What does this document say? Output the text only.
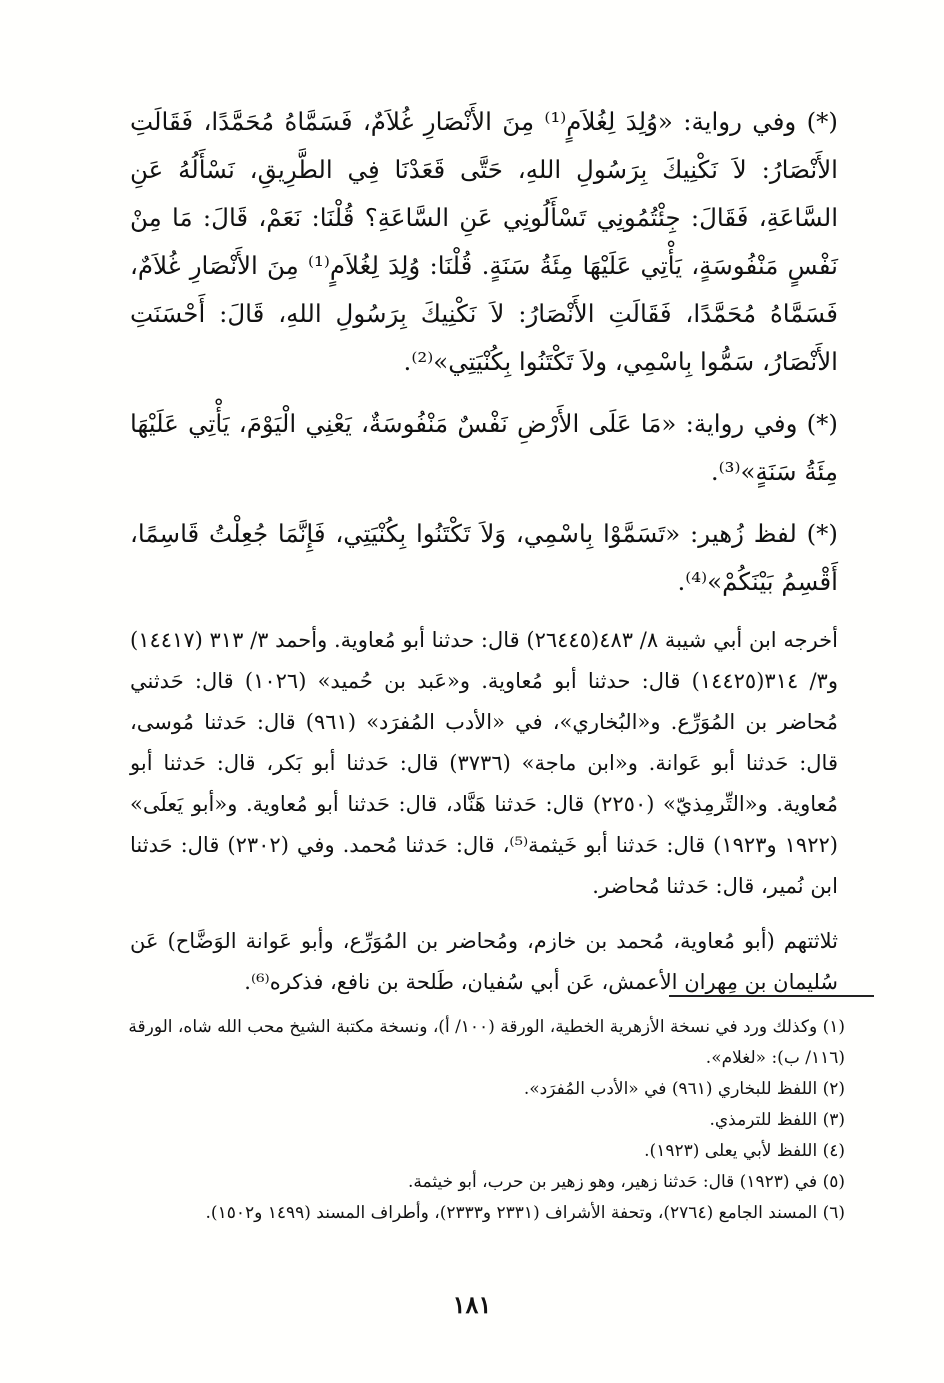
(*) وفي رواية: «وُلِدَ لِغُلاَمٍ⁽¹⁾ مِنَ الأَنْصَارِ غُلاَمٌ، فَسَمَّاهُ مُحَمَّدًا، فَقَالَتِ الأَنْصَارُ: لاَ نَكْنِيكَ بِرَسُولِ اللهِ، حَتَّى قَعَدْنَا فِي الطَّرِيقِ، نَسْأَلُهُ عَنِ السَّاعَةِ، فَقَالَ: جِئْتُمُونِي تَسْأَلُونِي عَنِ السَّاعَةِ؟ قُلْنَا: نَعَمْ، قَالَ: مَا مِنْ نَفْسٍ مَنْفُوسَةٍ، يَأْتِي عَلَيْهَا مِئَةُ سَنَةٍ. قُلْنَا: وُلِدَ لِغُلاَمٍ⁽¹⁾ مِنَ الأَنْصَارِ غُلاَمٌ، فَسَمَّاهُ مُحَمَّدًا، فَقَالَتِ الأَنْصَارُ: لاَ نَكْنِيكَ بِرَسُولِ اللهِ، قَالَ: أَحْسَنَتِ الأَنْصَارُ، سَمُّوا بِاسْمِي، ولاَ تَكْتَنُوا بِكُنْيَتِي»⁽²⁾.

(*) وفي رواية: «مَا عَلَى الأَرْضِ نَفْسٌ مَنْفُوسَةٌ، يَعْنِي الْيَوْمَ، يَأْتِي عَلَيْهَا مِئَةُ سَنَةٍ»⁽³⁾.

(*) لفظ زُهير: «تَسَمَّوْا بِاسْمِي، وَلاَ تَكْتَنُوا بِكُنْيَتِي، فَإِنَّمَا جُعِلْتُ قَاسِمًا، أَقْسِمُ بَيْنَكُمْ»⁽⁴⁾.

أخرجه ابن أبي شيبة ٨/ ٤٨٣(٢٦٤٤٥) قال: حدثنا أبو مُعاوية. وأحمد ٣/ ٣١٣ (١٤٤١٧) و٣/ ٣١٤(١٤٤٢٥) قال: حدثنا أبو مُعاوية. و«عَبد بن حُميد» (١٠٢٦) قال: حَدثني مُحاضر بن المُوَرِّع. و«البُخاري»، في «الأدب المُفرَد» (٩٦١) قال: حَدثنا مُوسى، قال: حَدثنا أبو عَوانة. و«ابن ماجة» (٣٧٣٦) قال: حَدثنا أبو بَكر، قال: حَدثنا أبو مُعاوية. و«التِّرمِذيّ» (٢٢٥٠) قال: حَدثنا هَنَّاد، قال: حَدثنا أبو مُعاوية. و«أبو يَعلَى» (١٩٢٢ و١٩٢٣) قال: حَدثنا أبو خَيثمة⁽⁵⁾، قال: حَدثنا مُحمد. وفي (٢٣٠٢) قال: حَدثنا ابن نُمير، قال: حَدثنا مُحاضر.

ثلاثتهم (أبو مُعاوية، مُحمد بن خازم، ومُحاضر بن المُوَرِّع، وأبو عَوانة الوَضَّاح) عَن سُليمان بن مِهران الأعمش، عَن أبي سُفيان، طَلحة بن نافع، فذكره⁽⁶⁾.

(١) وكذلك ورد في نسخة الأزهرية الخطية، الورقة (١٠٠/ أ)، ونسخة مكتبة الشيخ محب الله شاه، الورقة (١١٦/ ب): «لغلام».

(٢) اللفظ للبخاري (٩٦١) في «الأدب المُفرَد».

(٣) اللفظ للترمذي.

(٤) اللفظ لأبي يعلى (١٩٢٣).

(٥) في (١٩٢٣) قال: حَدثنا زهير، وهو زهير بن حرب، أبو خيثمة.

(٦) المسند الجامع (٢٧٦٤)، وتحفة الأشراف (٢٣٣١ و٢٣٣٣)، وأطراف المسند (١٤٩٩ و١٥٠٢).

١٨١
